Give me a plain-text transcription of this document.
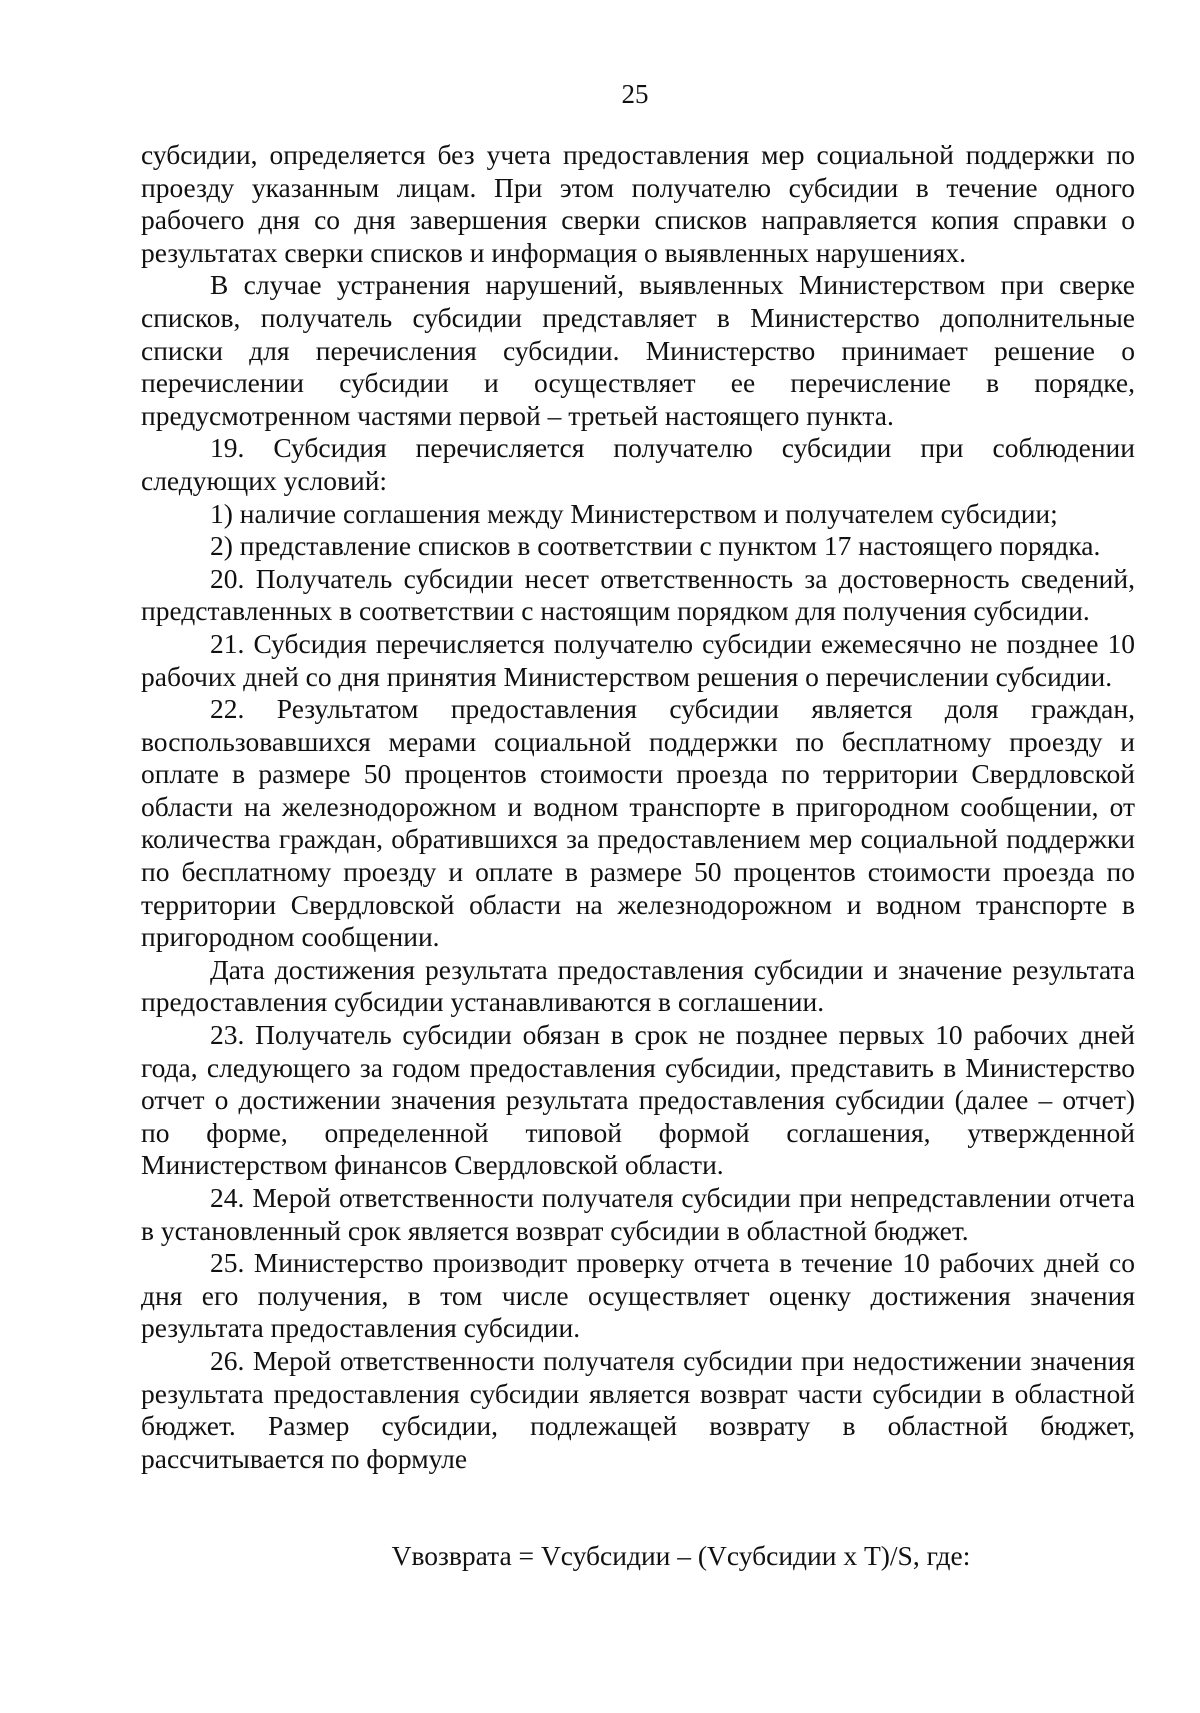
25

субсидии, определяется без учета предоставления мер социальной поддержки по проезду указанным лицам. При этом получателю субсидии в течение одного рабочего дня со дня завершения сверки списков направляется копия справки о результатах сверки списков и информация о выявленных нарушениях.

В случае устранения нарушений, выявленных Министерством при сверке списков, получатель субсидии представляет в Министерство дополнительные списки для перечисления субсидии. Министерство принимает решение о перечислении субсидии и осуществляет ее перечисление в порядке, предусмотренном частями первой – третьей настоящего пункта.

19. Субсидия перечисляется получателю субсидии при соблюдении следующих условий:

1) наличие соглашения между Министерством и получателем субсидии;

2) представление списков в соответствии с пунктом 17 настоящего порядка.

20. Получатель субсидии несет ответственность за достоверность сведений, представленных в соответствии с настоящим порядком для получения субсидии.

21. Субсидия перечисляется получателю субсидии ежемесячно не позднее 10 рабочих дней со дня принятия Министерством решения о перечислении субсидии.

22. Результатом предоставления субсидии является доля граждан, воспользовавшихся мерами социальной поддержки по бесплатному проезду и оплате в размере 50 процентов стоимости проезда по территории Свердловской области на железнодорожном и водном транспорте в пригородном сообщении, от количества граждан, обратившихся за предоставлением мер социальной поддержки по бесплатному проезду и оплате в размере 50 процентов стоимости проезда по территории Свердловской области на железнодорожном и водном транспорте в пригородном сообщении.

Дата достижения результата предоставления субсидии и значение результата предоставления субсидии устанавливаются в соглашении.

23. Получатель субсидии обязан в срок не позднее первых 10 рабочих дней года, следующего за годом предоставления субсидии, представить в Министерство отчет о достижении значения результата предоставления субсидии (далее – отчет) по форме, определенной типовой формой соглашения, утвержденной Министерством финансов Свердловской области.

24. Мерой ответственности получателя субсидии при непредставлении отчета в установленный срок является возврат субсидии в областной бюджет.

25. Министерство производит проверку отчета в течение 10 рабочих дней со дня его получения, в том числе осуществляет оценку достижения значения результата предоставления субсидии.

26. Мерой ответственности получателя субсидии при недостижении значения результата предоставления субсидии является возврат части субсидии в областной бюджет. Размер субсидии, подлежащей возврату в областной бюджет, рассчитывается по формуле

Vвозврата = Vсубсидии – (Vсубсидии х T)/S, где:
